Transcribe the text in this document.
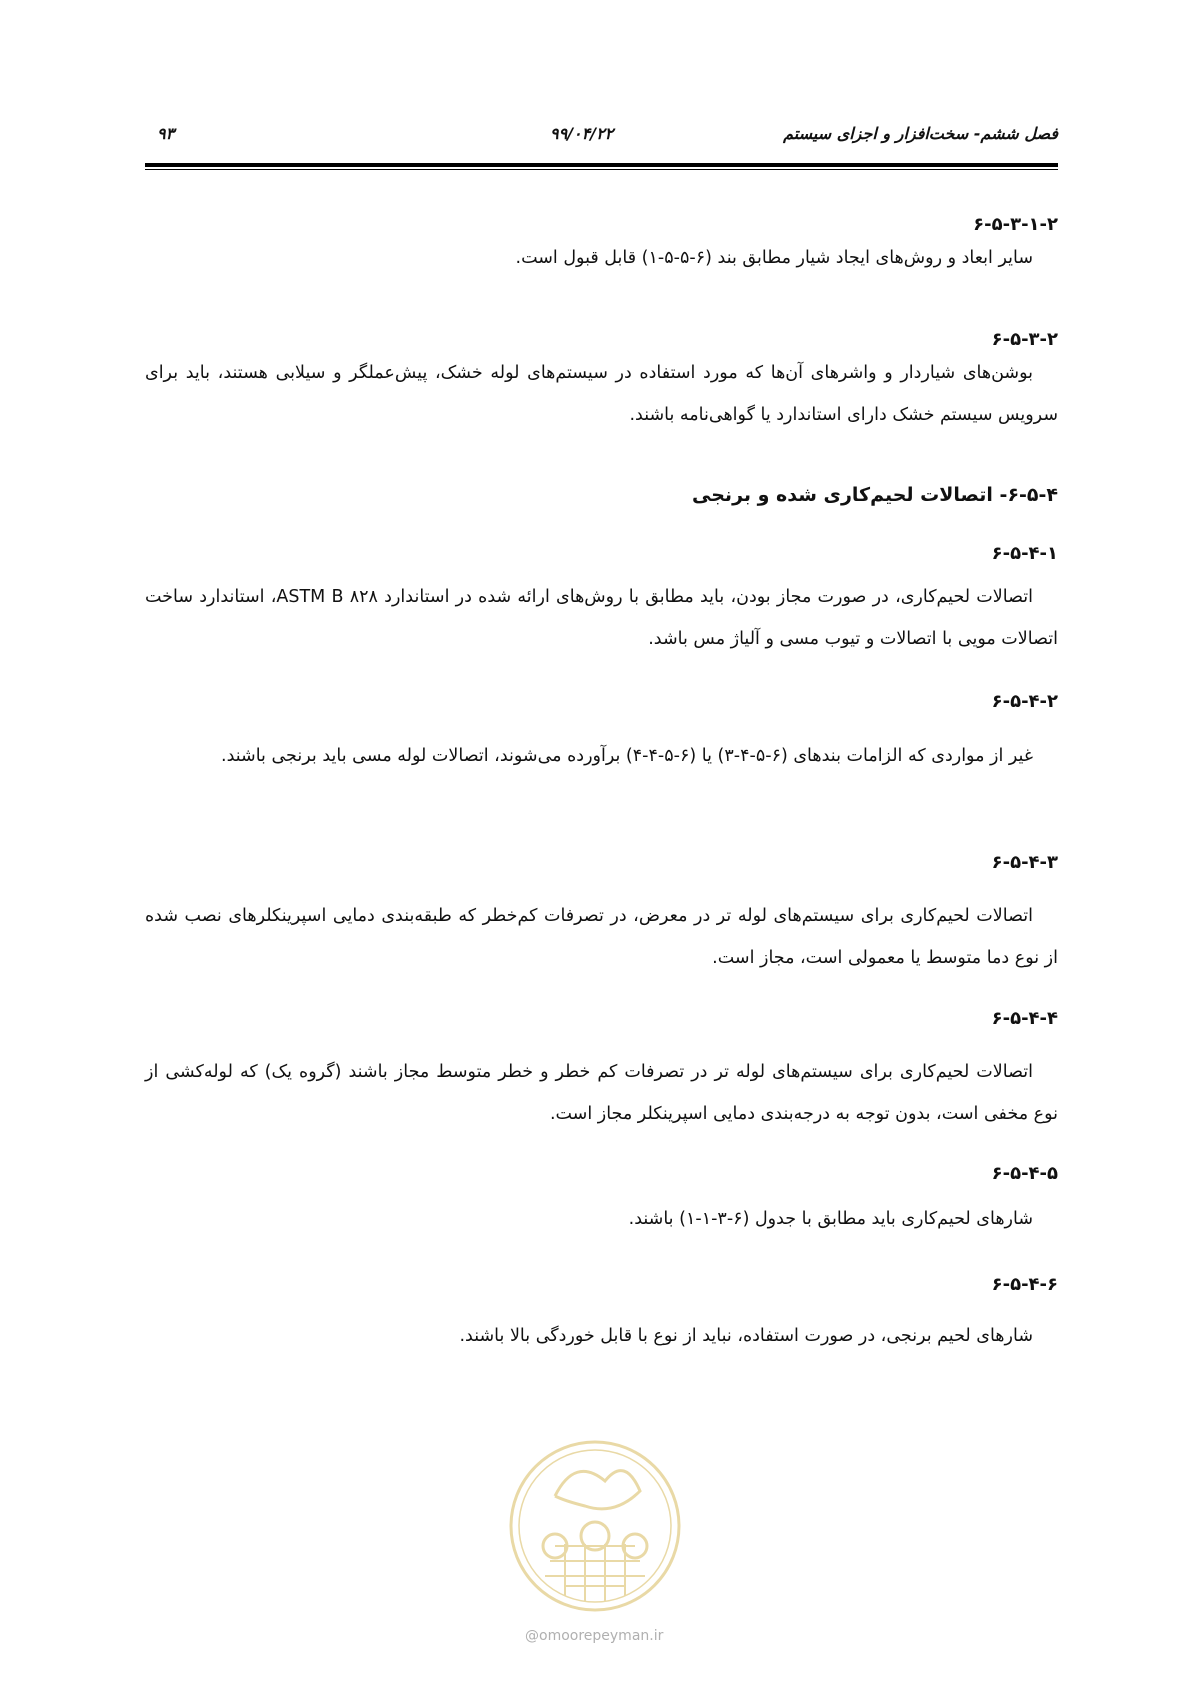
فصل ششم- سخت‌افزار و اجزای سیستم
۹۹/۰۴/۲۲
۹۳
۶-۵-۳-۱-۲
سایر ابعاد و روش‌های ایجاد شیار مطابق بند (۶-۵-۵-۱) قابل قبول است.
۶-۵-۳-۲
بوشن‌های شیاردار و واشرهای آن‌ها که مورد استفاده در سیستم‌های لوله خشک، پیش‌عملگر و سیلابی هستند، باید برای سرویس سیستم خشک دارای استاندارد یا گواهی‌نامه باشند.
۶-۵-۴- اتصالات لحیم‌کاری شده و برنجی
۶-۵-۴-۱
اتصالات لحیم‌کاری، در صورت مجاز بودن، باید مطابق با روش‌های ارائه شده در استاندارد ASTM B ۸۲۸، استاندارد ساخت اتصالات مویی با اتصالات و تیوب مسی و آلیاژ مس باشد.
۶-۵-۴-۲
غیر از مواردی که الزامات بندهای (۶-۵-۴-۳) یا (۶-۵-۴-۴) برآورده می‌شوند، اتصالات لوله مسی باید برنجی باشند.
۶-۵-۴-۳
اتصالات لحیم‌کاری برای سیستم‌های لوله تر در معرض، در تصرفات کم‌خطر که طبقه‌بندی دمایی اسپرینکلرهای نصب شده از نوع دما متوسط یا معمولی است، مجاز است.
۶-۵-۴-۴
اتصالات لحیم‌کاری برای سیستم‌های لوله تر در تصرفات کم خطر و خطر متوسط مجاز باشند (گروه یک) که لوله‌کشی از نوع مخفی است، بدون توجه به درجه‌بندی دمایی اسپرینکلر مجاز است.
۶-۵-۴-۵
شارهای لحیم‌کاری باید مطابق با جدول (۶-۳-۱-۱) باشند.
۶-۵-۴-۶
شارهای لحیم برنجی، در صورت استفاده، نباید از نوع با قابل خوردگی بالا باشند.
@omoorepeyman.ir
